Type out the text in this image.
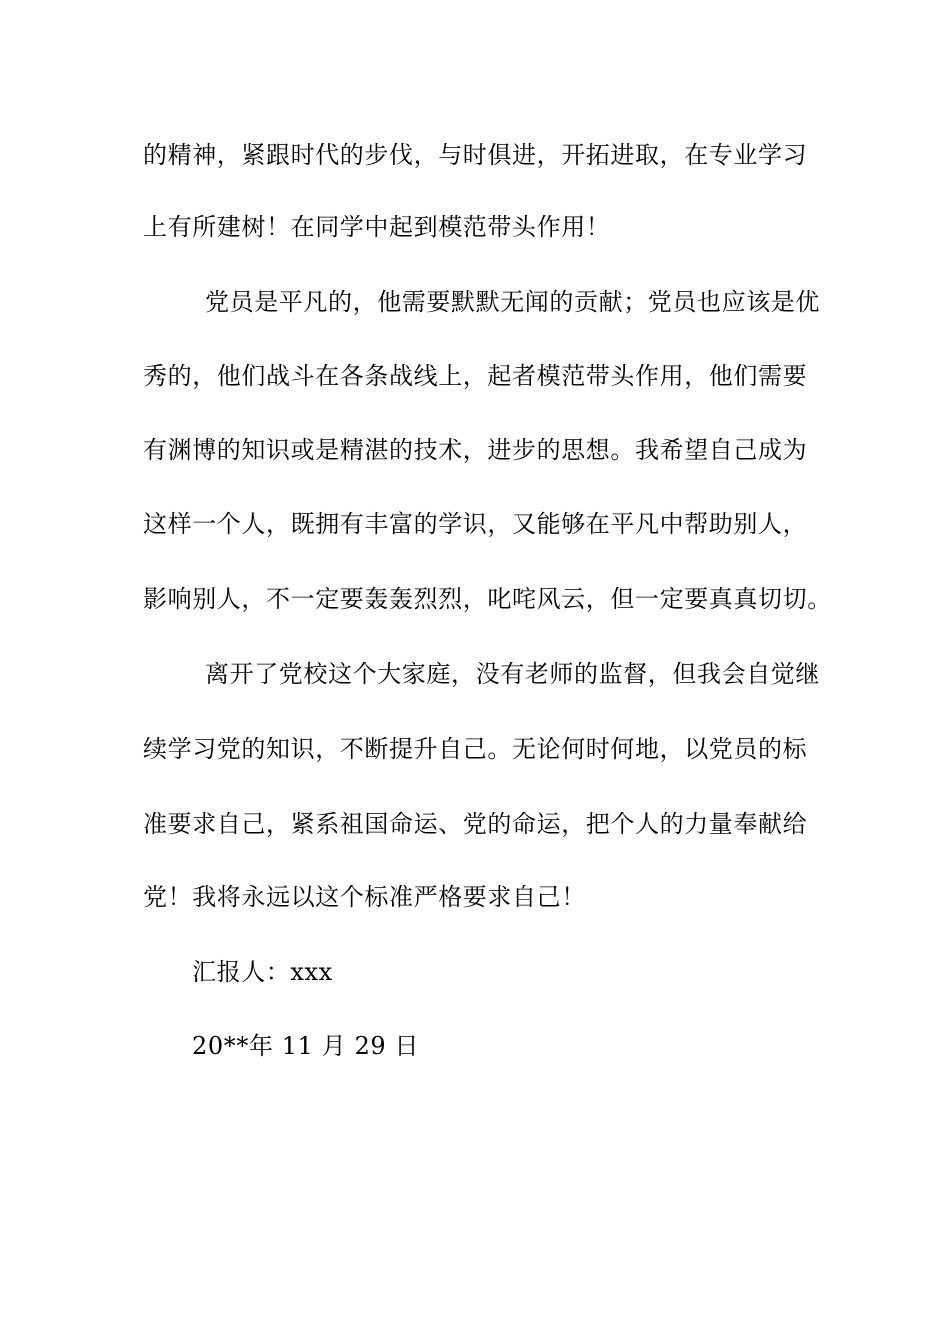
的精神，紧跟时代的步伐，与时俱进，开拓进取，在专业学习
上有所建树！在同学中起到模范带头作用！
党员是平凡的，他需要默默无闻的贡献；党员也应该是优
秀的，他们战斗在各条战线上，起者模范带头作用，他们需要
有渊博的知识或是精湛的技术，进步的思想。我希望自己成为
这样一个人，既拥有丰富的学识，又能够在平凡中帮助别人，
影响别人，不一定要轰轰烈烈，叱咤风云，但一定要真真切切。
离开了党校这个大家庭，没有老师的监督，但我会自觉继
续学习党的知识，不断提升自己。无论何时何地，以党员的标
准要求自己，紧系祖国命运、党的命运，把个人的力量奉献给
党！我将永远以这个标准严格要求自己！
汇报人：xxx
20**年 11 月 29 日
